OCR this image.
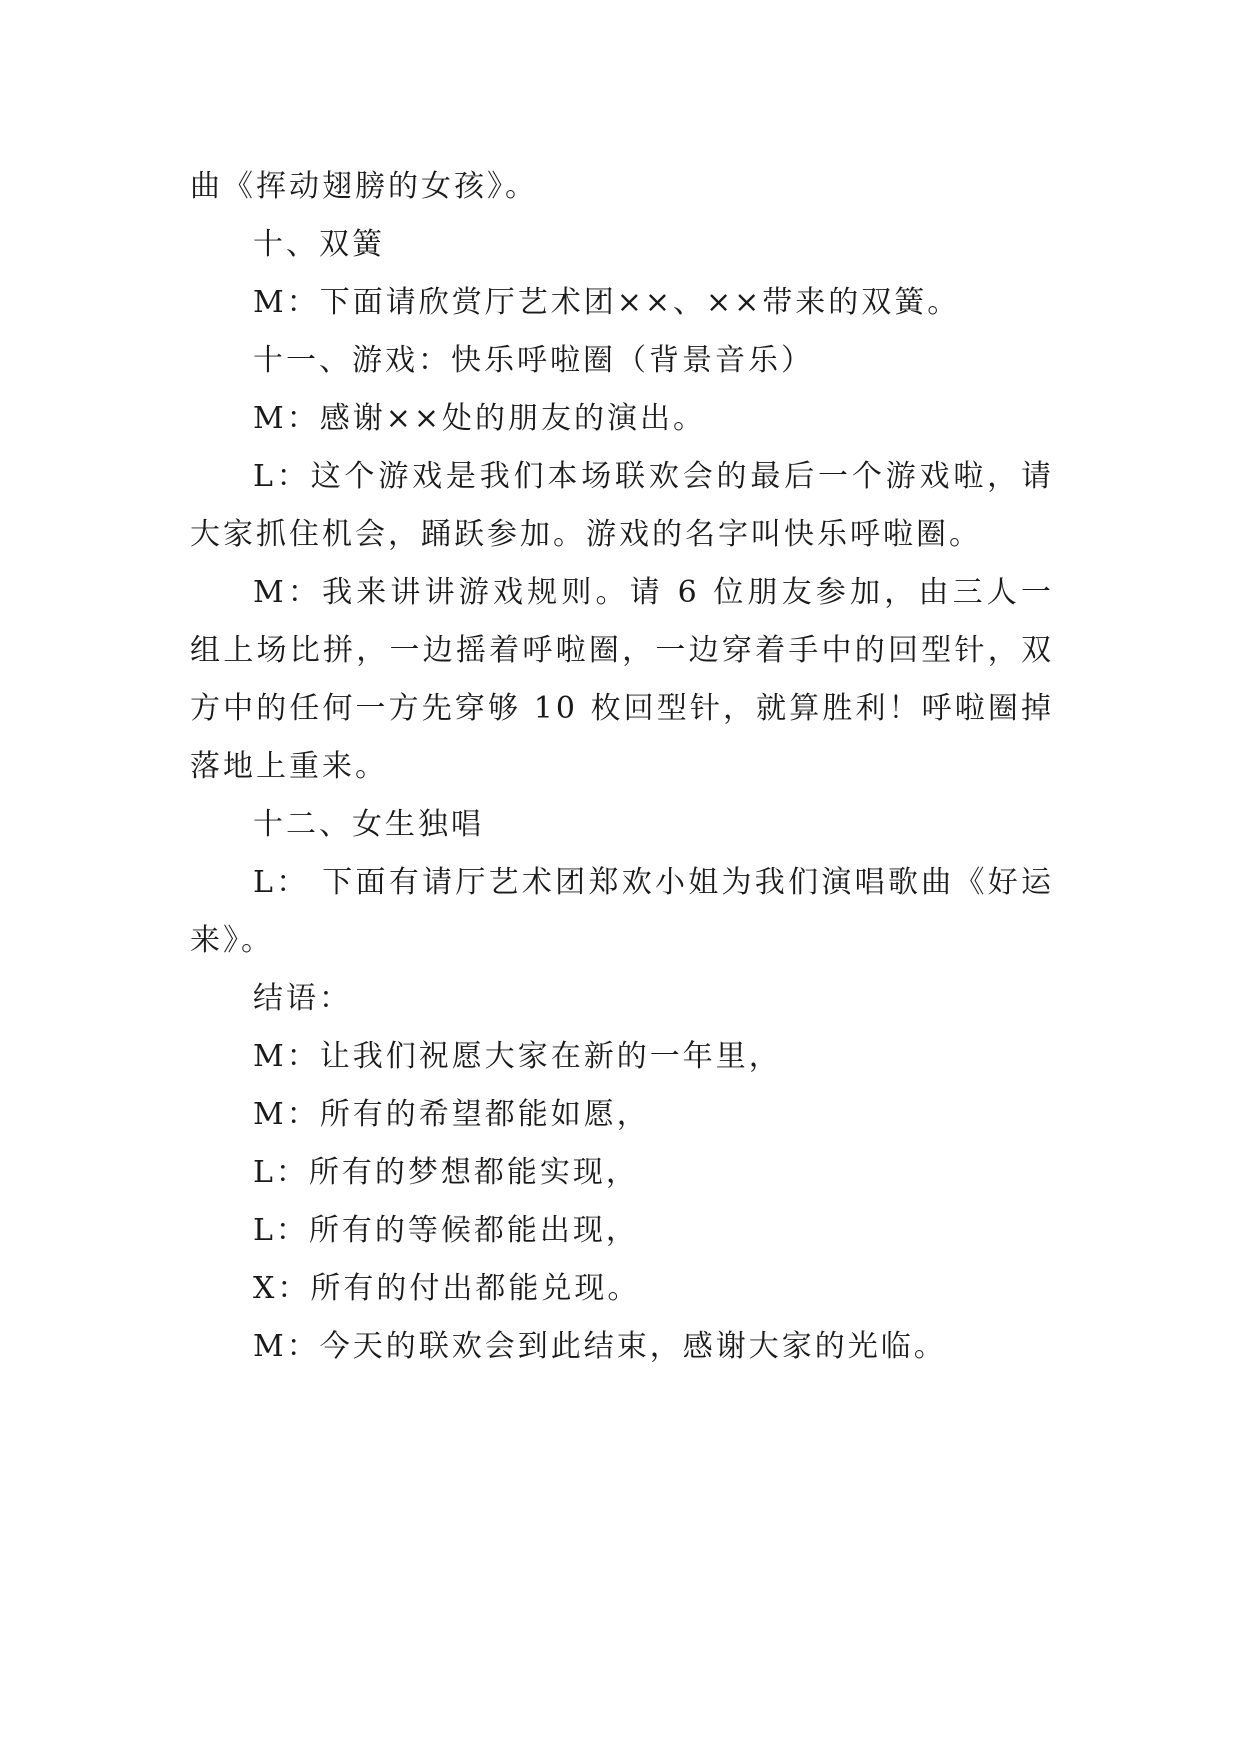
曲《挥动翅膀的女孩》。

十、双簧

M：下面请欣赏厅艺术团××、××带来的双簧。

十一、游戏：快乐呼啦圈（背景音乐）

M：感谢××处的朋友的演出。

L：这个游戏是我们本场联欢会的最后一个游戏啦，请大家抓住机会，踊跃参加。游戏的名字叫快乐呼啦圈。

M：我来讲讲游戏规则。请 6 位朋友参加，由三人一组上场比拼，一边摇着呼啦圈，一边穿着手中的回型针，双方中的任何一方先穿够 10 枚回型针，就算胜利！呼啦圈掉落地上重来。

十二、女生独唱

L： 下面有请厅艺术团郑欢小姐为我们演唱歌曲《好运来》。

结语：

M：让我们祝愿大家在新的一年里，

M：所有的希望都能如愿，

L：所有的梦想都能实现，

L：所有的等候都能出现，

X：所有的付出都能兑现。

M：今天的联欢会到此结束，感谢大家的光临。
